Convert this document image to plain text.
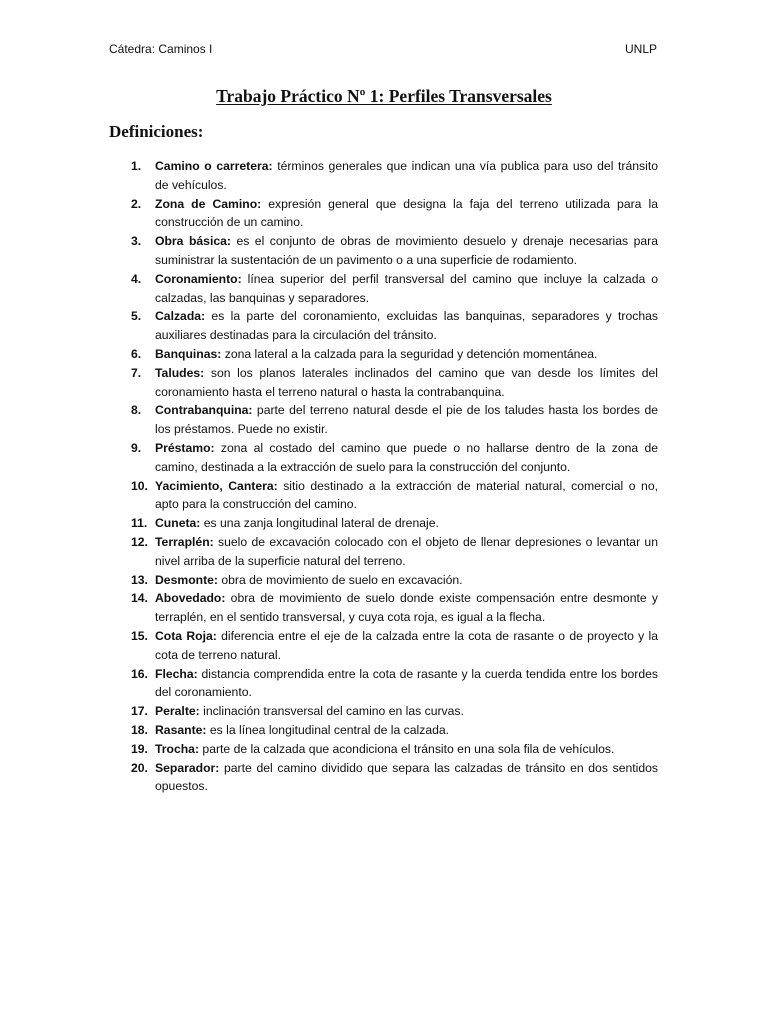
Cátedra: Caminos I	UNLP
Trabajo Práctico Nº 1: Perfiles Transversales
Definiciones:
1.	Camino o carretera: términos generales que indican una vía publica para uso del tránsito de vehículos.
2.	Zona de Camino: expresión general que designa la faja del terreno utilizada para la construcción de un camino.
3.	Obra básica: es el conjunto de obras de movimiento desuelo y drenaje necesarias para suministrar la sustentación de un pavimento o a una superficie de rodamiento.
4.	Coronamiento: línea superior del perfil transversal del camino que incluye la calzada o calzadas, las banquinas y separadores.
5.	Calzada: es la parte del coronamiento, excluidas las banquinas, separadores y trochas auxiliares destinadas para la circulación del tránsito.
6.	Banquinas: zona lateral a la calzada para la seguridad y detención momentánea.
7.	Taludes: son los planos laterales inclinados del camino que van desde los límites del coronamiento hasta el terreno natural o hasta la contrabanquina.
8.	Contrabanquina: parte del terreno natural desde el pie de los taludes hasta los bordes de los préstamos. Puede no existir.
9.	Préstamo: zona al costado del camino que puede o no hallarse dentro de la zona de camino, destinada a la extracción de suelo para la construcción del conjunto.
10. Yacimiento, Cantera: sitio destinado a la extracción de material natural, comercial o no, apto para la construcción del camino.
11. Cuneta: es una zanja longitudinal lateral de drenaje.
12. Terraplén: suelo de excavación colocado con el objeto de llenar depresiones o levantar un nivel arriba de la superficie natural del terreno.
13. Desmonte: obra de movimiento de suelo en excavación.
14. Abovedado: obra de movimiento de suelo donde existe compensación entre desmonte y terraplén, en el sentido transversal, y cuya cota roja, es igual a la flecha.
15. Cota Roja: diferencia entre el eje de la calzada entre la cota de rasante o de proyecto y la cota de terreno natural.
16. Flecha: distancia comprendida entre la cota de rasante y la cuerda tendida entre los bordes del coronamiento.
17. Peralte: inclinación transversal del camino en las curvas.
18. Rasante: es la línea longitudinal central de la calzada.
19. Trocha: parte de la calzada que acondiciona el tránsito en una sola fila de vehículos.
20. Separador: parte del camino dividido que separa las calzadas de tránsito en dos sentidos opuestos.
